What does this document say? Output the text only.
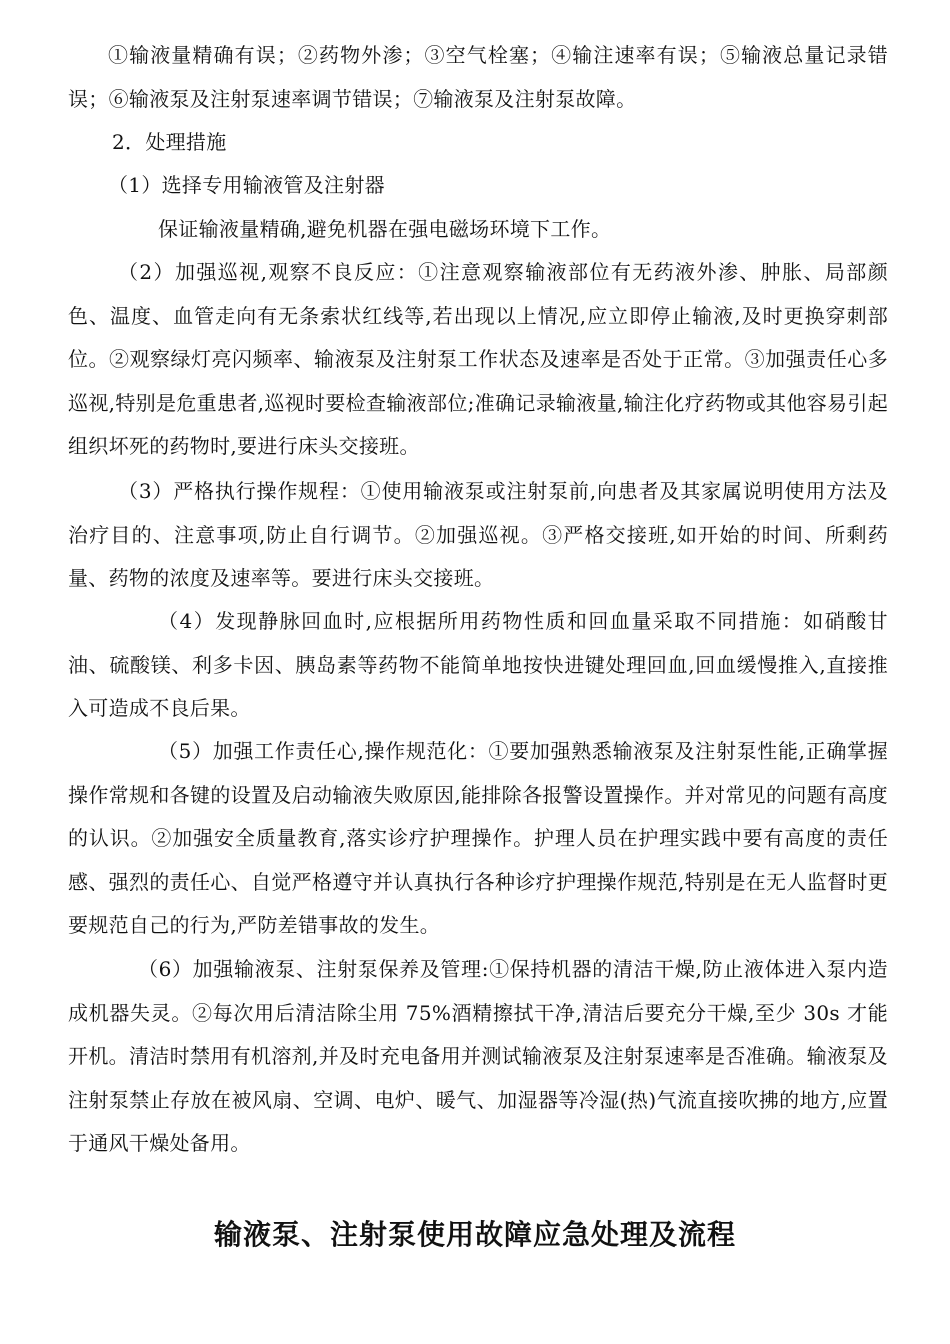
①输液量精确有误；②药物外渗；③空气栓塞；④输注速率有误；⑤输液总量记录错误；⑥输液泵及注射泵速率调节错误；⑦输液泵及注射泵故障。

2．处理措施

（1）选择专用输液管及注射器

保证输液量精确,避免机器在强电磁场环境下工作。

（2）加强巡视,观察不良反应：①注意观察输液部位有无药液外渗、肿胀、局部颜色、温度、血管走向有无条索状红线等,若出现以上情况,应立即停止输液,及时更换穿刺部位。②观察绿灯亮闪频率、输液泵及注射泵工作状态及速率是否处于正常。③加强责任心多巡视,特别是危重患者,巡视时要检查输液部位;准确记录输液量,输注化疗药物或其他容易引起组织坏死的药物时,要进行床头交接班。

（3）严格执行操作规程：①使用输液泵或注射泵前,向患者及其家属说明使用方法及治疗目的、注意事项,防止自行调节。②加强巡视。③严格交接班,如开始的时间、所剩药量、药物的浓度及速率等。要进行床头交接班。

（4）发现静脉回血时,应根据所用药物性质和回血量采取不同措施：如硝酸甘油、硫酸镁、利多卡因、胰岛素等药物不能简单地按快进键处理回血,回血缓慢推入,直接推入可造成不良后果。

（5）加强工作责任心,操作规范化：①要加强熟悉输液泵及注射泵性能,正确掌握操作常规和各键的设置及启动输液失败原因,能排除各报警设置操作。并对常见的问题有高度的认识。②加强安全质量教育,落实诊疗护理操作。护理人员在护理实践中要有高度的责任感、强烈的责任心、自觉严格遵守并认真执行各种诊疗护理操作规范,特别是在无人监督时更要规范自己的行为,严防差错事故的发生。

（6）加强输液泵、注射泵保养及管理:①保持机器的清洁干燥,防止液体进入泵内造成机器失灵。②每次用后清洁除尘用 75%酒精擦拭干净,清洁后要充分干燥,至少 30s 才能开机。清洁时禁用有机溶剂,并及时充电备用并测试输液泵及注射泵速率是否准确。输液泵及注射泵禁止存放在被风扇、空调、电炉、暖气、加湿器等冷湿(热)气流直接吹拂的地方,应置于通风干燥处备用。

输液泵、注射泵使用故障应急处理及流程
